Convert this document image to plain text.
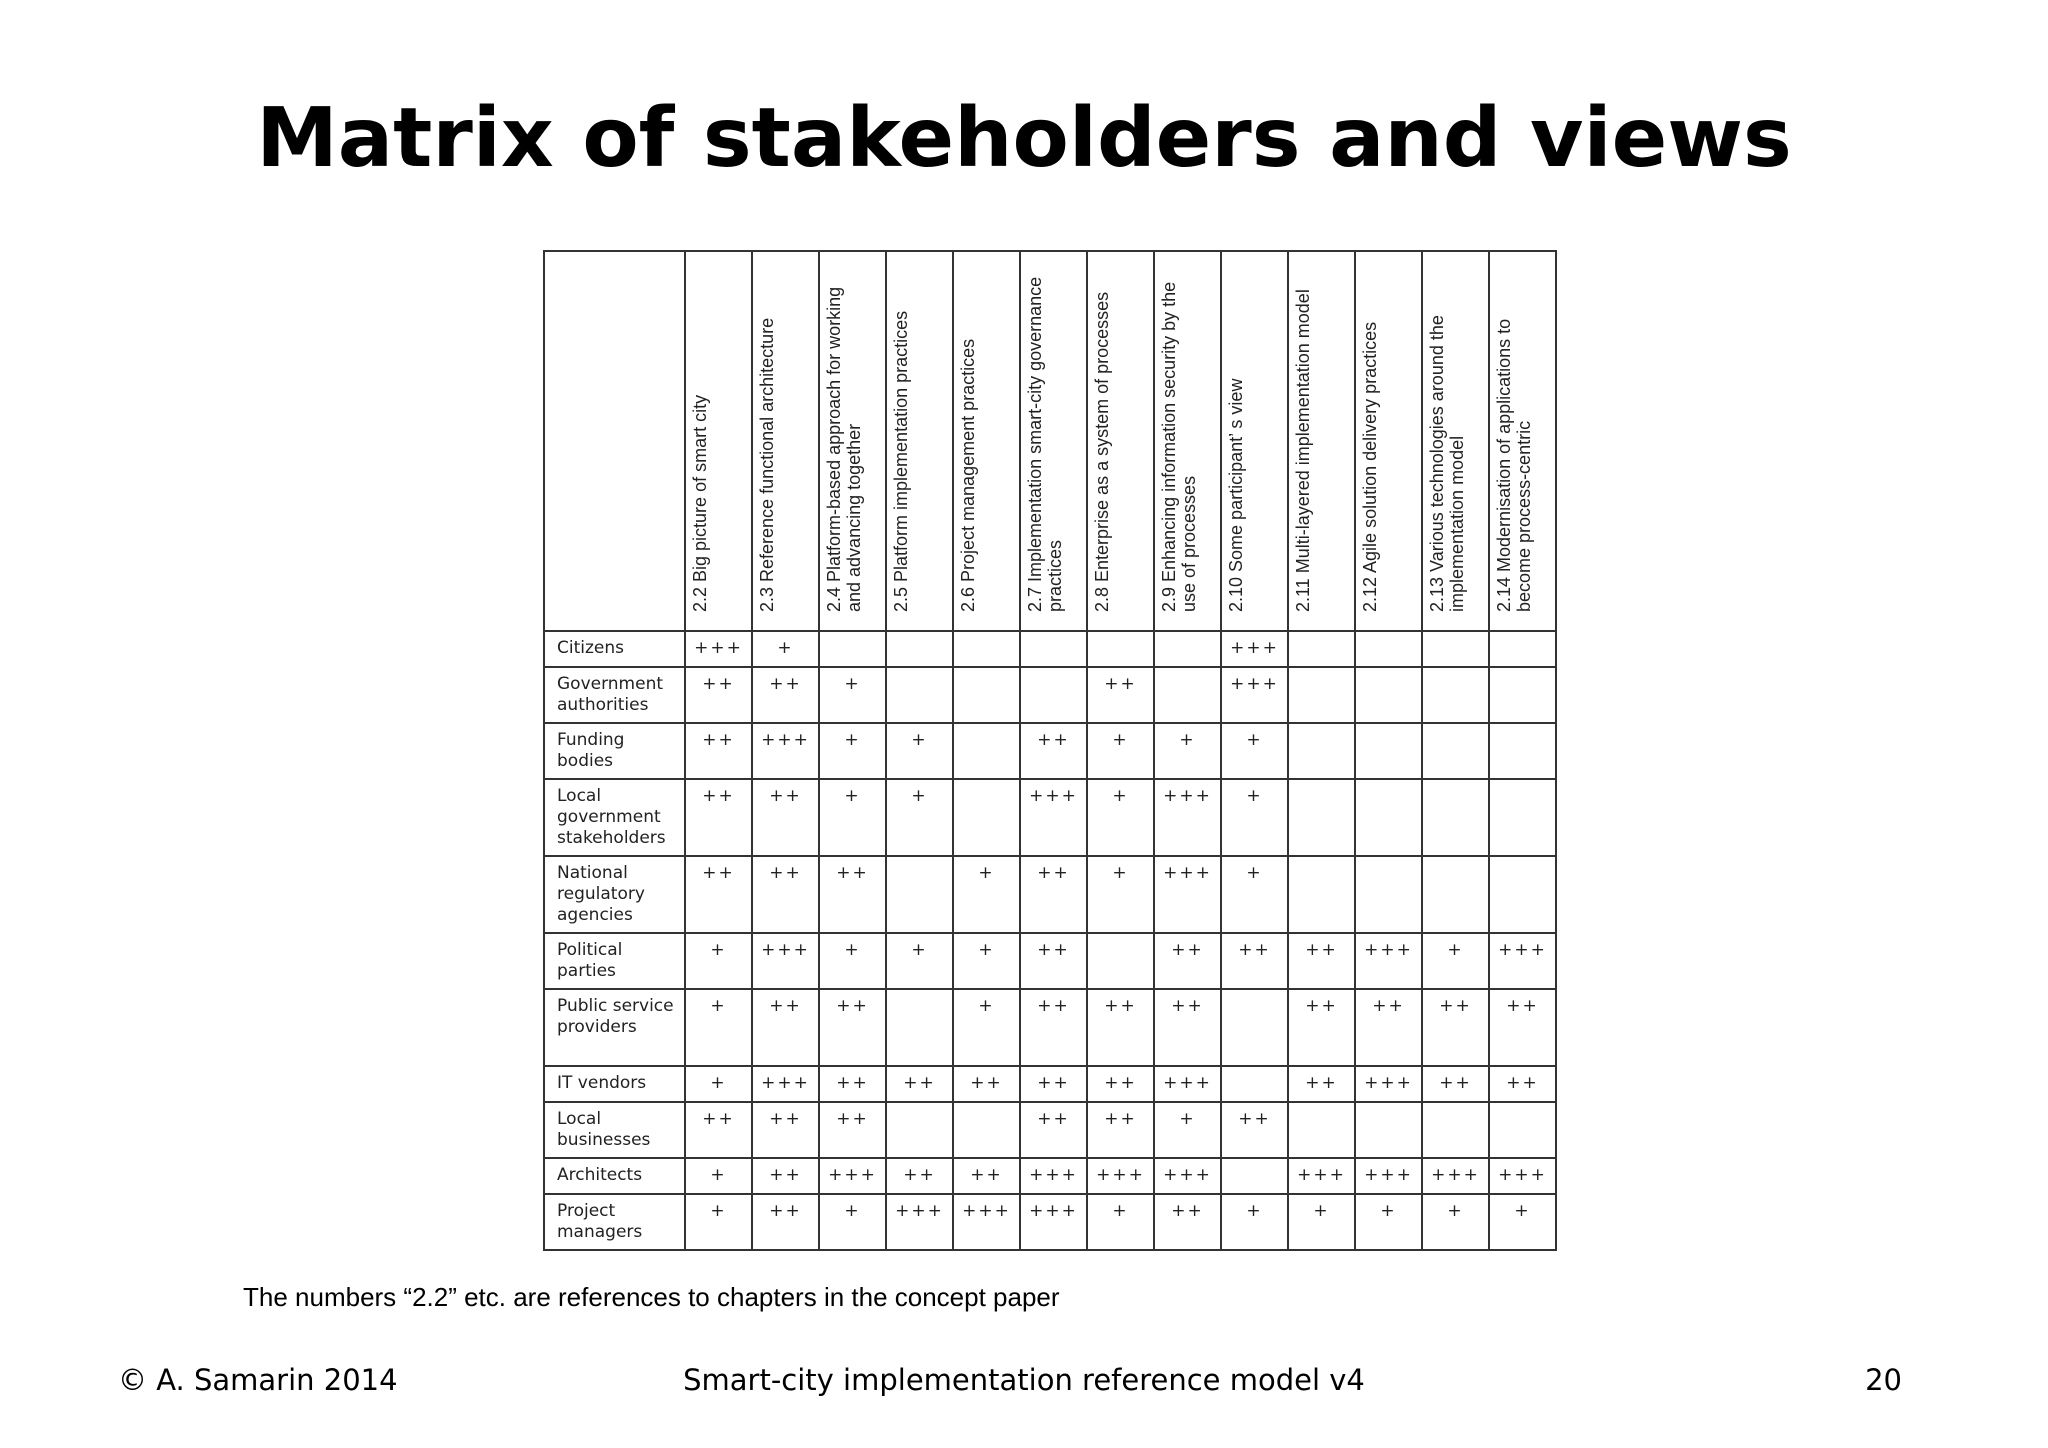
Matrix of stakeholders and views

	2.2 Big picture of smart city	2.3 Reference functional architecture	2.4 Platform-based approach for working and advancing together	2.5 Platform implementation practices	2.6 Project management practices	2.7 Implementation smart-city governance practices	2.8 Enterprise as a system of processes	2.9 Enhancing information security by the use of processes	2.10 Some participant’ s view	2.11 Multi-layered implementation model	2.12 Agile solution delivery practices	2.13 Various technologies around the implementation model	2.14 Modernisation of applications to become process-centric

Citizens	+++	+							+++				
Government authorities	++	++	+				++		+++				
Funding bodies	++	+++	+	+		++	+	+	+				
Local government stakeholders	++	++	+	+		+++	+	+++	+				
National regulatory agencies	++	++	++		+	++	+	+++	+				
Political parties	+	+++	+	+	+	++		++	++	++	+++	+	+++
Public service providers	+	++	++		+	++	++	++		++	++	++	++
IT vendors	+	+++	++	++	++	++	++	+++		++	+++	++	++
Local businesses	++	++	++			++	++	+	++				
Architects	+	++	+++	++	++	+++	+++	+++		+++	+++	+++	+++
Project managers	+	++	+	+++	+++	+++	+	++	+	+	+	+	+
The numbers “2.2” etc. are references to chapters in the concept paper
© A. Samarin 2014	Smart-city implementation reference model v4	20
